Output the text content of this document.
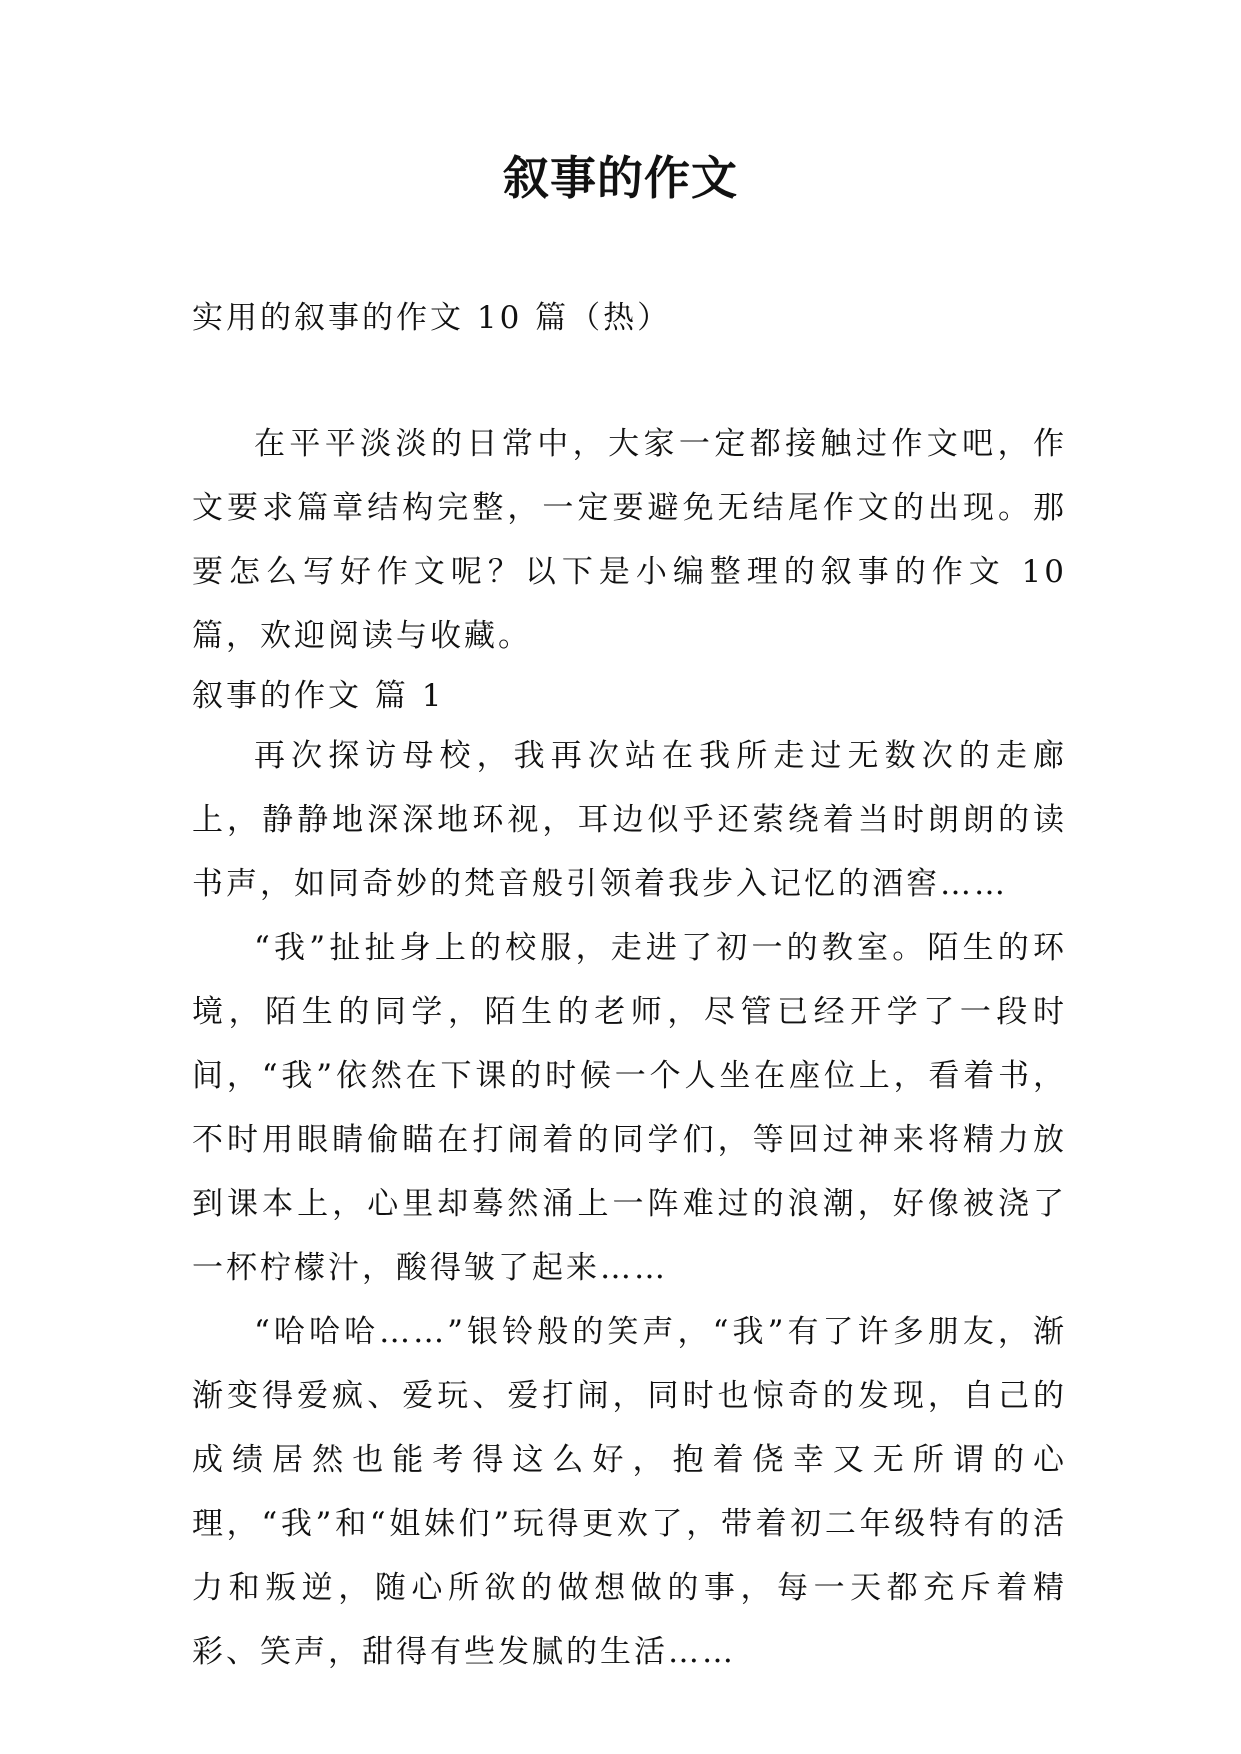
叙事的作文
实用的叙事的作文 10 篇（热）

在平平淡淡的日常中，大家一定都接触过作文吧，作文要求篇章结构完整，一定要避免无结尾作文的出现。那要怎么写好作文呢？以下是小编整理的叙事的作文 10 篇，欢迎阅读与收藏。

叙事的作文 篇 1

再次探访母校，我再次站在我所走过无数次的走廊上，静静地深深地环视，耳边似乎还萦绕着当时朗朗的读书声，如同奇妙的梵音般引领着我步入记忆的酒窖……

“我”扯扯身上的校服，走进了初一的教室。陌生的环境，陌生的同学，陌生的老师，尽管已经开学了一段时间，“我”依然在下课的时候一个人坐在座位上，看着书，不时用眼睛偷瞄在打闹着的同学们，等回过神来将精力放到课本上，心里却蓦然涌上一阵难过的浪潮，好像被浇了一杯柠檬汁，酸得皱了起来……

“哈哈哈……”银铃般的笑声，“我”有了许多朋友，渐渐变得爱疯、爱玩、爱打闹，同时也惊奇的发现，自己的成绩居然也能考得这么好，抱着侥幸又无所谓的心理，“我”和“姐妹们”玩得更欢了，带着初二年级特有的活力和叛逆，随心所欲的做想做的事，每一天都充斥着精彩、笑声，甜得有些发腻的生活……
